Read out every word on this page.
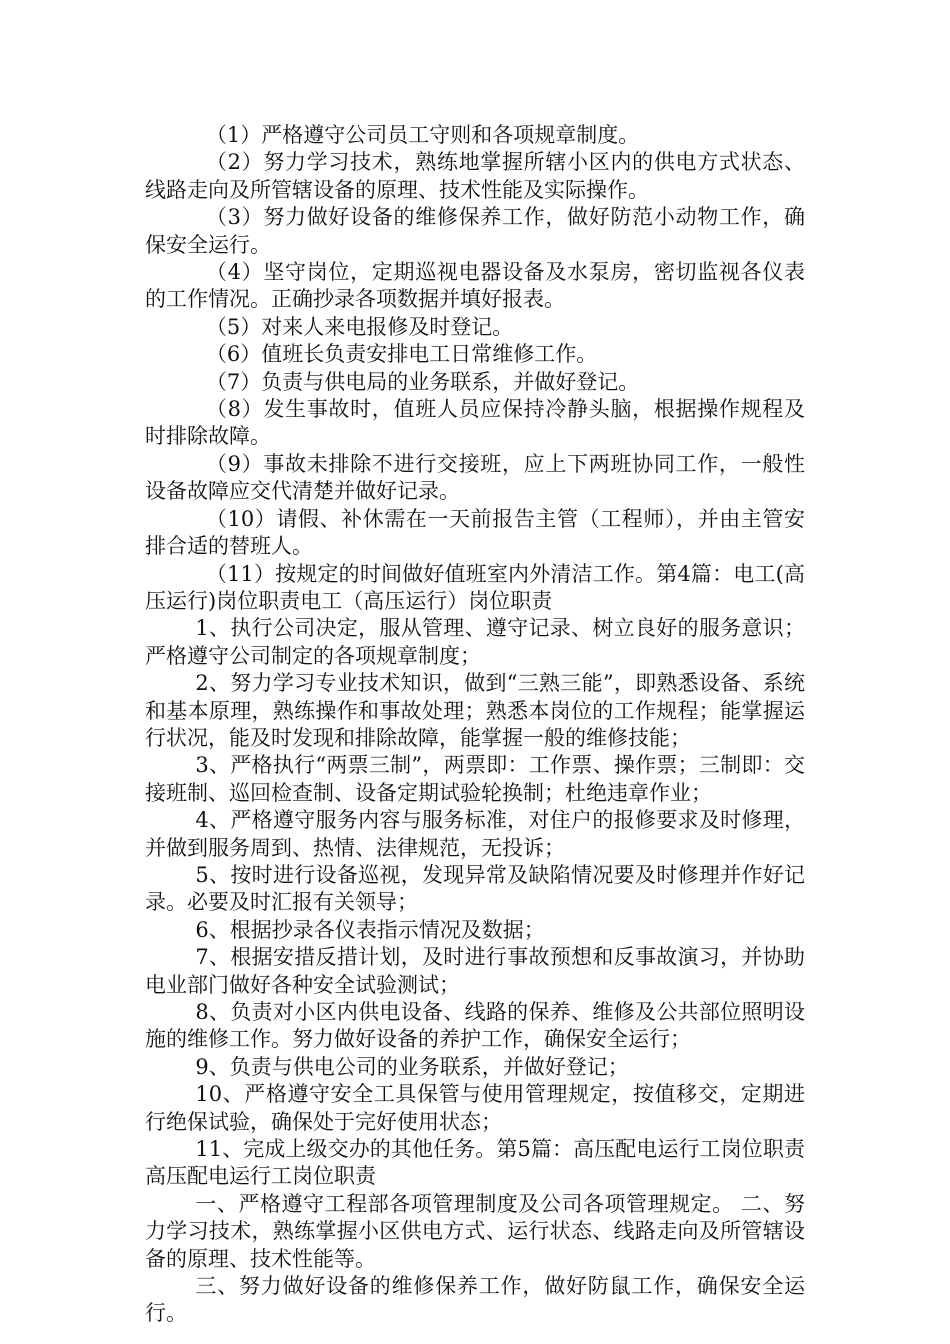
（1）严格遵守公司员工守则和各项规章制度。

（2）努力学习技术，熟练地掌握所辖小区内的供电方式状态、线路走向及所管辖设备的原理、技术性能及实际操作。

（3）努力做好设备的维修保养工作，做好防范小动物工作，确保安全运行。

（4）坚守岗位，定期巡视电器设备及水泵房，密切监视各仪表的工作情况。正确抄录各项数据并填好报表。

（5）对来人来电报修及时登记。

（6）值班长负责安排电工日常维修工作。

（7）负责与供电局的业务联系，并做好登记。

（8）发生事故时，值班人员应保持冷静头脑，根据操作规程及时排除故障。

（9）事故未排除不进行交接班，应上下两班协同工作，一般性设备故障应交代清楚并做好记录。

（10）请假、补休需在一天前报告主管（工程师），并由主管安排合适的替班人。

（11）按规定的时间做好值班室内外清洁工作。第4篇：电工(高压运行)岗位职责电工（高压运行）岗位职责

1、执行公司决定，服从管理、遵守记录、树立良好的服务意识；严格遵守公司制定的各项规章制度；

2、努力学习专业技术知识，做到“三熟三能”，即熟悉设备、系统和基本原理，熟练操作和事故处理；熟悉本岗位的工作规程；能掌握运行状况，能及时发现和排除故障，能掌握一般的维修技能；

3、严格执行“两票三制”，两票即：工作票、操作票；三制即：交接班制、巡回检查制、设备定期试验轮换制；杜绝违章作业；

4、严格遵守服务内容与服务标准，对住户的报修要求及时修理，并做到服务周到、热情、法律规范，无投诉；

5、按时进行设备巡视，发现异常及缺陷情况要及时修理并作好记录。必要及时汇报有关领导；

6、根据抄录各仪表指示情况及数据；

7、根据安措反措计划，及时进行事故预想和反事故演习，并协助电业部门做好各种安全试验测试；

8、负责对小区内供电设备、线路的保养、维修及公共部位照明设施的维修工作。努力做好设备的养护工作，确保安全运行；

9、负责与供电公司的业务联系，并做好登记；

10、严格遵守安全工具保管与使用管理规定，按值移交，定期进行绝保试验，确保处于完好使用状态；

11、完成上级交办的其他任务。第5篇：高压配电运行工岗位职责高压配电运行工岗位职责

一、严格遵守工程部各项管理制度及公司各项管理规定。 二、努力学习技术，熟练掌握小区供电方式、运行状态、线路走向及所管辖设备的原理、技术性能等。

三、努力做好设备的维修保养工作，做好防鼠工作，确保安全运行。
